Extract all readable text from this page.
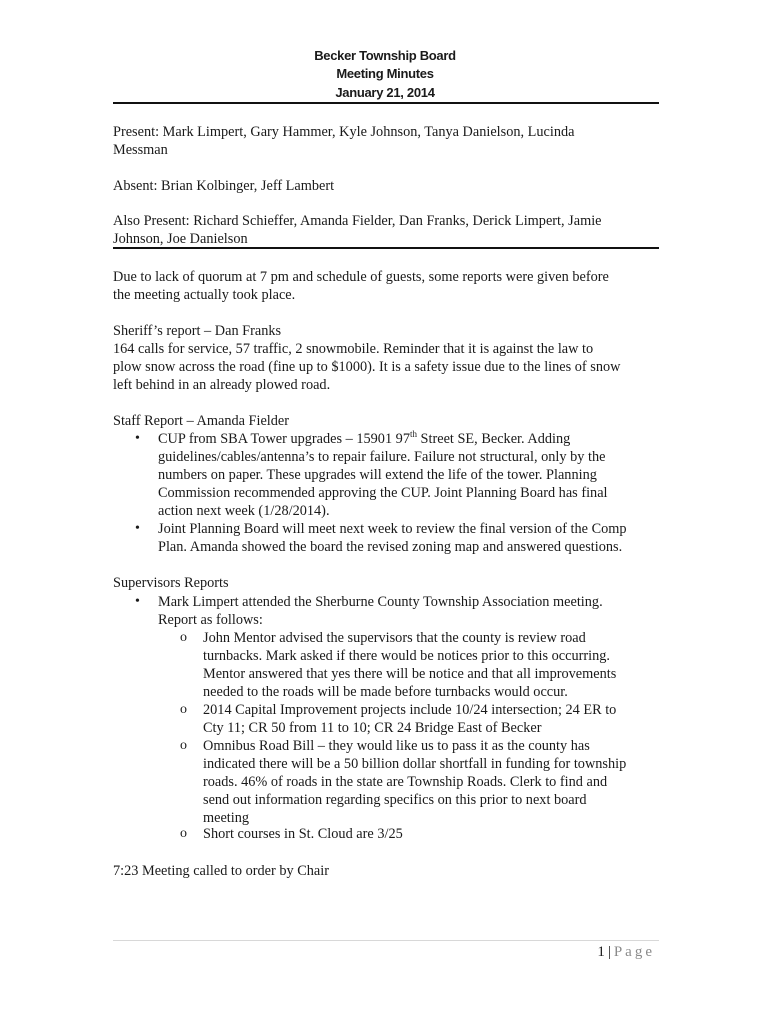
Becker Township Board
Meeting Minutes
January 21, 2014

Present: Mark Limpert, Gary Hammer, Kyle Johnson, Tanya Danielson, Lucinda

Messman

Absent: Brian Kolbinger, Jeff Lambert

Also Present: Richard Schieffer, Amanda Fielder, Dan Franks, Derick Limpert, Jamie

Johnson, Joe Danielson

Due to lack of quorum at 7 pm and schedule of guests, some reports were given before

the meeting actually took place.

Sheriff’s report – Dan Franks

164 calls for service, 57 traffic, 2 snowmobile. Reminder that it is against the law to

plow snow across the road (fine up to $1000). It is a safety issue due to the lines of snow

left behind in an already plowed road.

Staff Report – Amanda Fielder

• CUP from SBA Tower upgrades – 15901 97th Street SE, Becker. Adding

guidelines/cables/antenna’s to repair failure. Failure not structural, only by the

numbers on paper. These upgrades will extend the life of the tower. Planning

Commission recommended approving the CUP. Joint Planning Board has final

action next week (1/28/2014).

• Joint Planning Board will meet next week to review the final version of the Comp

Plan. Amanda showed the board the revised zoning map and answered questions.

Supervisors Reports

• Mark Limpert attended the Sherburne County Township Association meeting.

Report as follows:

o John Mentor advised the supervisors that the county is review road

turnbacks. Mark asked if there would be notices prior to this occurring.

Mentor answered that yes there will be notice and that all improvements

needed to the roads will be made before turnbacks would occur.

o 2014 Capital Improvement projects include 10/24 intersection; 24 ER to

Cty 11; CR 50 from 11 to 10; CR 24 Bridge East of Becker

o Omnibus Road Bill – they would like us to pass it as the county has

indicated there will be a 50 billion dollar shortfall in funding for township

roads. 46% of roads in the state are Township Roads. Clerk to find and

send out information regarding specifics on this prior to next board

meeting

o Short courses in St. Cloud are 3/25

7:23 Meeting called to order by Chair

1 | Page
